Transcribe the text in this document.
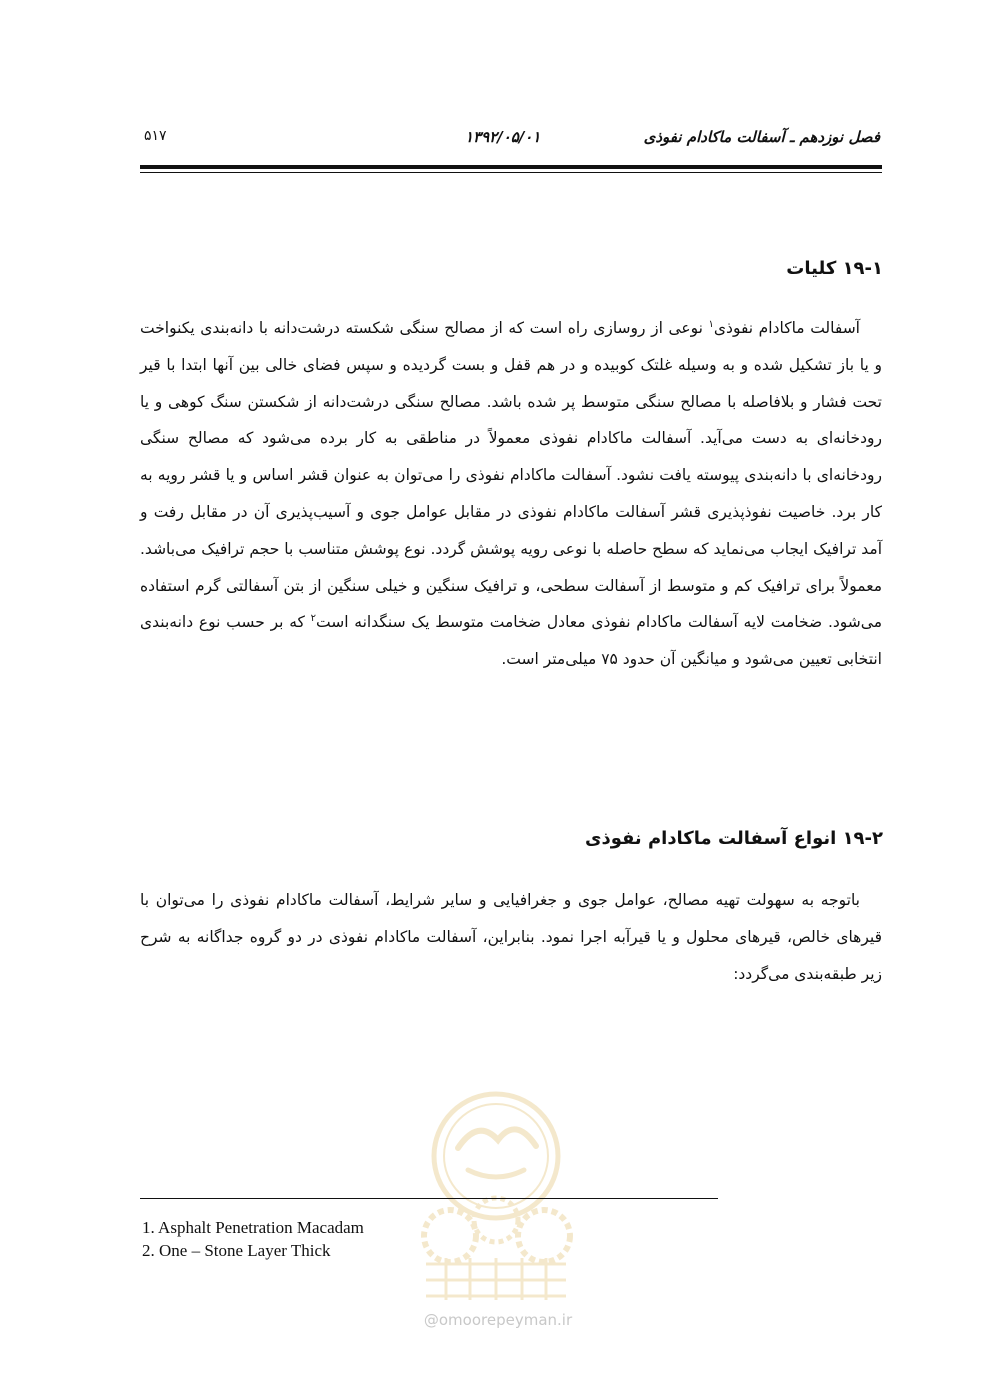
فصل نوزدهم ـ آسفالت ماکادام نفوذی
۱۳۹۲/۰۵/۰۱
۵۱۷
۱۹-۱ کلیات

آسفالت ماکادام نفوذی$^۱$ نوعی از روسازی راه است که از مصالح سنگی شکسته درشت‌دانه با دانه‌بندی یکنواخت و یا باز تشکیل شده و به وسیله غلتک کوبیده و در هم قفل و بست گردیده و سپس فضای خالی بین آنها ابتدا با قیر تحت فشار و بلافاصله با مصالح سنگی متوسط پر شده باشد. مصالح سنگی درشت‌دانه از شکستن سنگ کوهی و یا رودخانه‌ای به دست می‌آید. آسفالت ماکادام نفوذی معمولاً در مناطقی به کار برده می‌شود که مصالح سنگی رودخانه‌ای با دانه‌بندی پیوسته یافت نشود. آسفالت ماکادام نفوذی را می‌توان به عنوان قشر اساس و یا قشر رویه به کار برد. خاصیت نفوذپذیری قشر آسفالت ماکادام نفوذی در مقابل عوامل جوی و آسیب‌پذیری آن در مقابل رفت و آمد ترافیک ایجاب می‌نماید که سطح حاصله با نوعی رویه پوشش گردد. نوع پوشش متناسب با حجم ترافیک می‌باشد. معمولاً برای ترافیک کم و متوسط از آسفالت سطحی، و ترافیک سنگین و خیلی سنگین از بتن آسفالتی گرم استفاده می‌شود. ضخامت لایه آسفالت ماکادام نفوذی معادل ضخامت متوسط یک سنگدانه است$^۲$ که بر حسب نوع دانه‌بندی انتخابی تعیین می‌شود و میانگین آن حدود ۷۵ میلی‌متر است.

۱۹-۲ انواع آسفالت ماکادام نفوذی

باتوجه به سهولت تهیه مصالح، عوامل جوی و جغرافیایی و سایر شرایط، آسفالت ماکادام نفوذی را می‌توان با قیرهای خالص، قیرهای محلول و یا قیرآبه اجرا نمود. بنابراین، آسفالت ماکادام نفوذی در دو گروه جداگانه به شرح زیر طبقه‌بندی می‌گردد:

@omoorepeyman.ir
1. Asphalt Penetration Macadam
2. One – Stone Layer Thick
